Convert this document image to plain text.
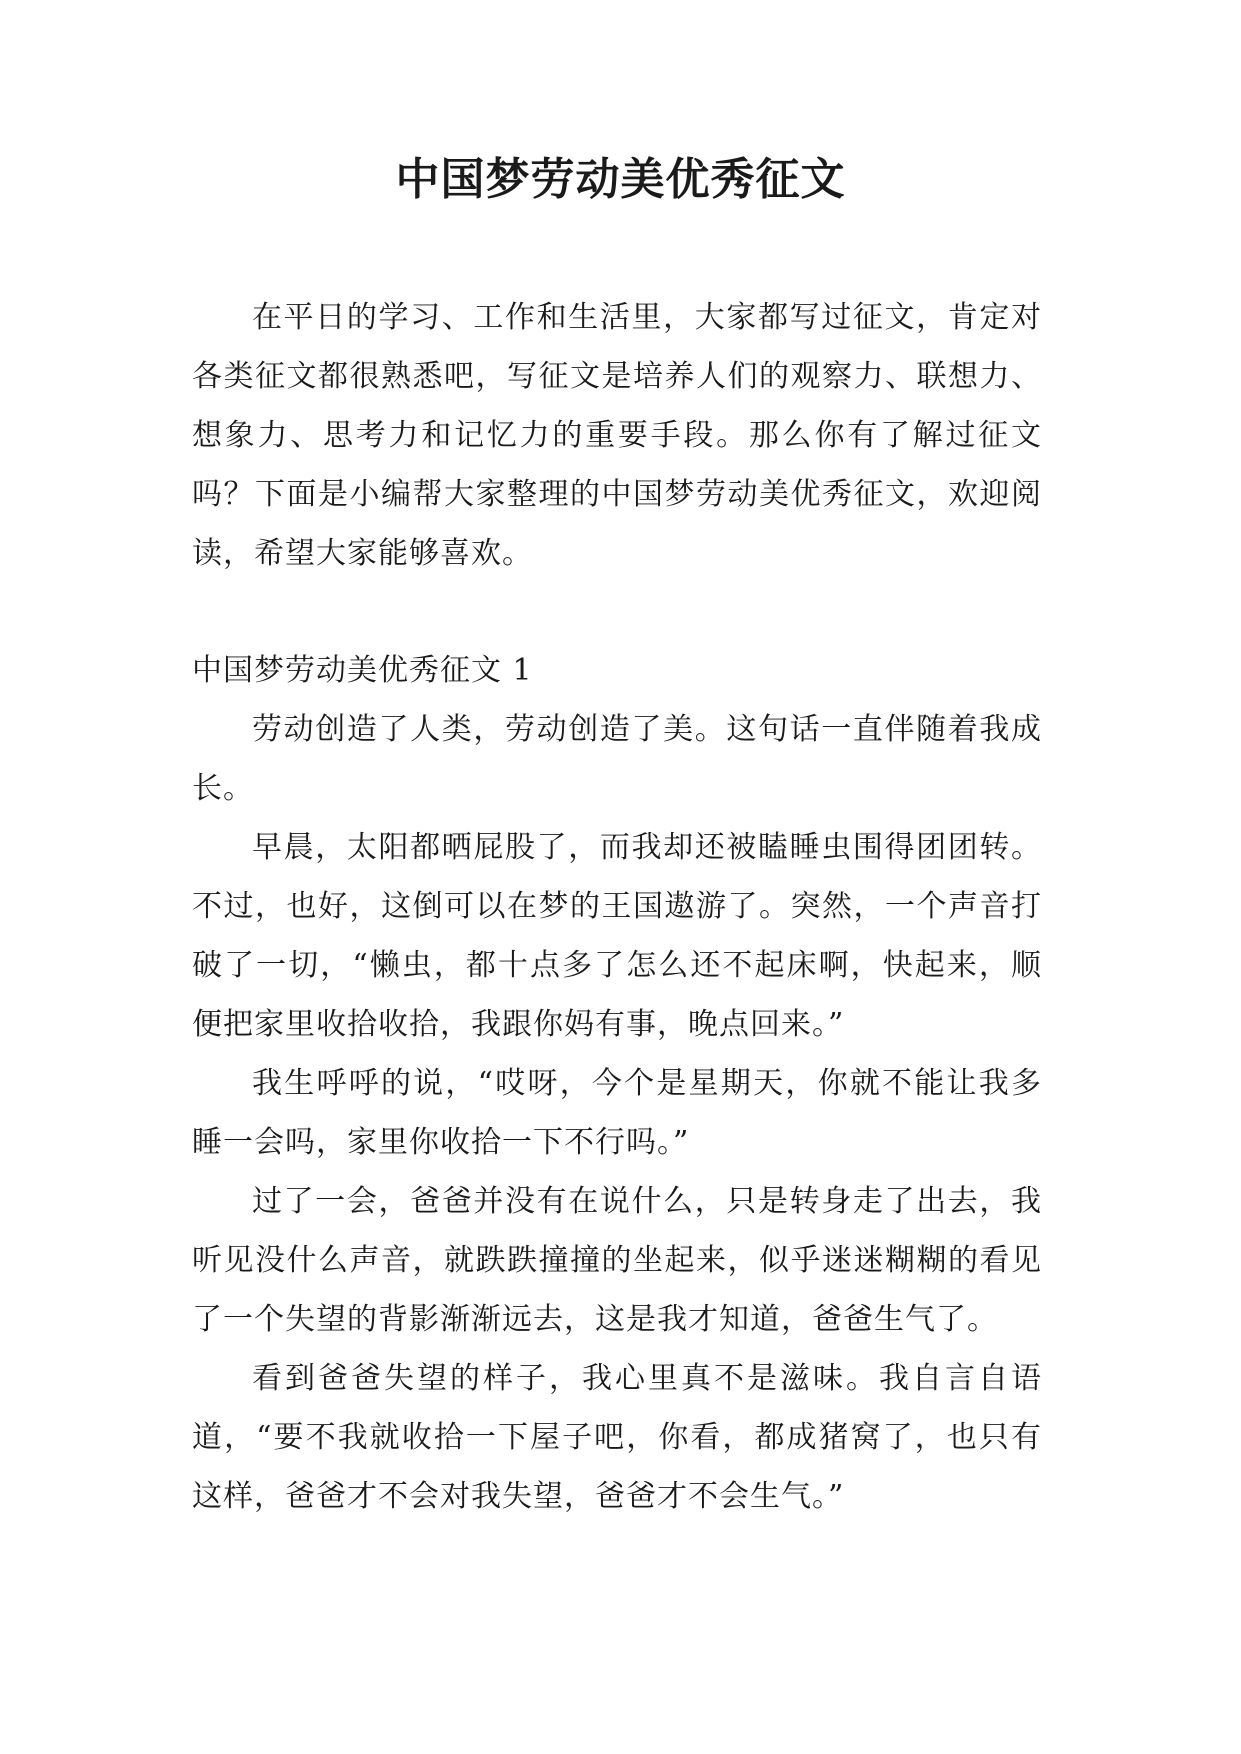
中国梦劳动美优秀征文

在平日的学习、工作和生活里，大家都写过征文，肯定对各类征文都很熟悉吧，写征文是培养人们的观察力、联想力、想象力、思考力和记忆力的重要手段。那么你有了解过征文吗？下面是小编帮大家整理的中国梦劳动美优秀征文，欢迎阅读，希望大家能够喜欢。

中国梦劳动美优秀征文 1

劳动创造了人类，劳动创造了美。这句话一直伴随着我成长。

早晨，太阳都晒屁股了，而我却还被瞌睡虫围得团团转。不过，也好，这倒可以在梦的王国遨游了。突然，一个声音打破了一切，“懒虫，都十点多了怎么还不起床啊，快起来，顺便把家里收拾收拾，我跟你妈有事，晚点回来。”

我生呼呼的说，“哎呀，今个是星期天，你就不能让我多睡一会吗，家里你收拾一下不行吗。”

过了一会，爸爸并没有在说什么，只是转身走了出去，我听见没什么声音，就跌跌撞撞的坐起来，似乎迷迷糊糊的看见了一个失望的背影渐渐远去，这是我才知道，爸爸生气了。

看到爸爸失望的样子，我心里真不是滋味。我自言自语道，“要不我就收拾一下屋子吧，你看，都成猪窝了，也只有这样，爸爸才不会对我失望，爸爸才不会生气。”
